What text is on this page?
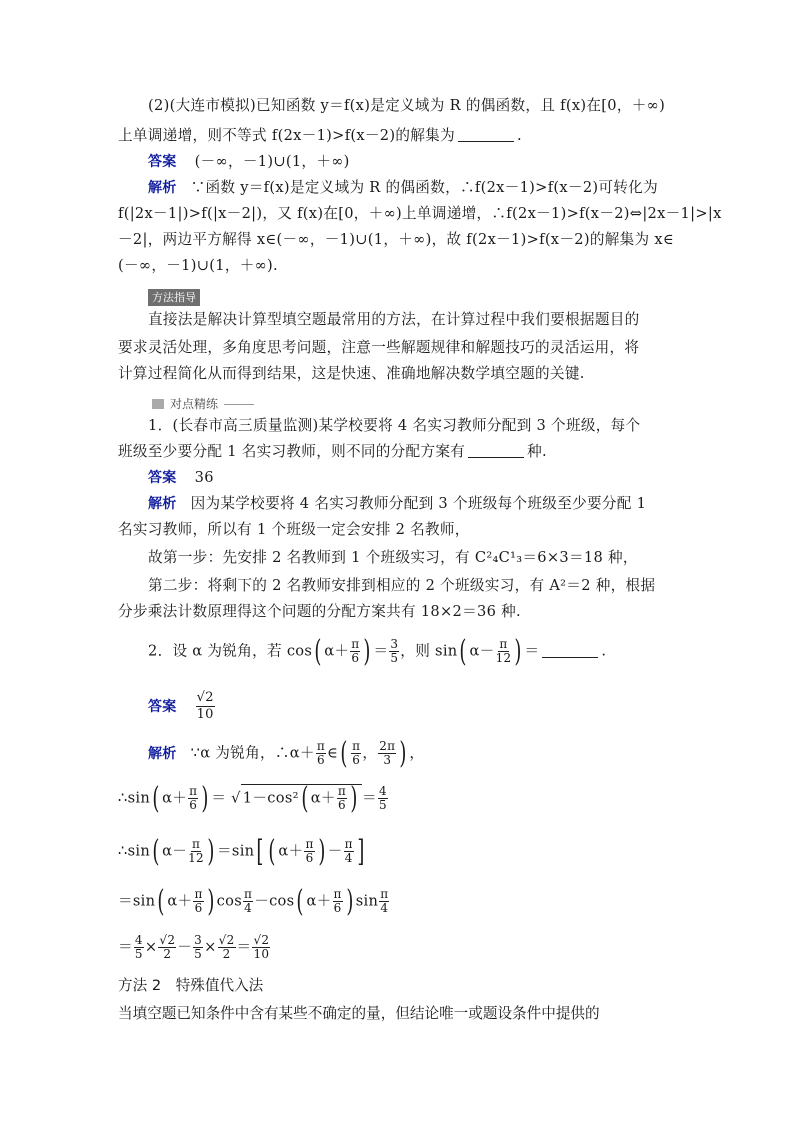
(2)(大连市模拟)已知函数 y＝f(x)是定义域为 R 的偶函数，且 f(x)在[0，＋∞)
上单调递增，则不等式 f(2x－1)>f(x－2)的解集为	.
答案 (－∞，－1)∪(1，＋∞)
解析 ∵函数 y＝f(x)是定义域为 R 的偶函数，∴f(2x－1)>f(x－2)可转化为
f(|2x－1|)>f(|x－2|)，又 f(x)在[0，＋∞)上单调递增，∴f(2x－1)>f(x－2)⇔|2x－1|>|x
－2|，两边平方解得 x∈(－∞，－1)∪(1，＋∞)，故 f(2x－1)>f(x－2)的解集为 x∈
(－∞，－1)∪(1，＋∞).
方法指导
直接法是解决计算型填空题最常用的方法，在计算过程中我们要根据题目的
要求灵活处理，多角度思考问题，注意一些解题规律和解题技巧的灵活运用，将
计算过程简化从而得到结果，这是快速、准确地解决数学填空题的关键.
对点精练
1．(长春市高三质量监测)某学校要将 4 名实习教师分配到 3 个班级，每个
班级至少要分配 1 名实习教师，则不同的分配方案有	种.
答案 36
解析 因为某学校要将 4 名实习教师分配到 3 个班级每个班级至少要分配 1
名实习教师，所以有 1 个班级一定会安排 2 名教师，
故第一步：先安排 2 名教师到 1 个班级实习，有 C²₄C¹₃＝6×3＝18 种，
第二步：将剩下的 2 名教师安排到相应的 2 个班级实习，有 A²＝2 种，根据
分步乘法计数原理得这个问题的分配方案共有 18×2＝36 种.
2．设 α 为锐角，若 cos( $\alpha+ \frac{\pi}{6}$ ) ＝ $\frac{3}{5}$ ，则 sin( $\alpha- \frac{\pi}{12}$ ) ＝	.
答案 $\frac{√2}{10}$
解析 ∵α 为锐角，∴α＋ $\frac{\pi}{6}$ ∈( $\frac{\pi}{6}$ ， $\frac{2\pi}{3}$ ) ，
∴sin( $\alpha+ \frac{\pi}{6}$ ) ＝ √ 1－cos²( $\alpha+ \frac{\pi}{6}$ ) ＝ $\frac{4}{5}$
∴sin( $\alpha- \frac{\pi}{12}$ ) ＝sin[ ( $\alpha+ \frac{\pi}{6}$ ) － $\frac{\pi}{4}$ ]
＝sin( $\alpha+ \frac{\pi}{6}$ ) $\cos \frac{\pi}{4} -\cos$( $\alpha+ \frac{\pi}{6}$ ) $\sin \frac{\pi}{4}$
＝ $\frac{4}{5} \times \frac{√2}{2} - \frac{3}{5} \times \frac{√2}{2} = \frac{√2}{10}$
方法 2　特殊值代入法
当填空题已知条件中含有某些不确定的量，但结论唯一或题设条件中提供的
